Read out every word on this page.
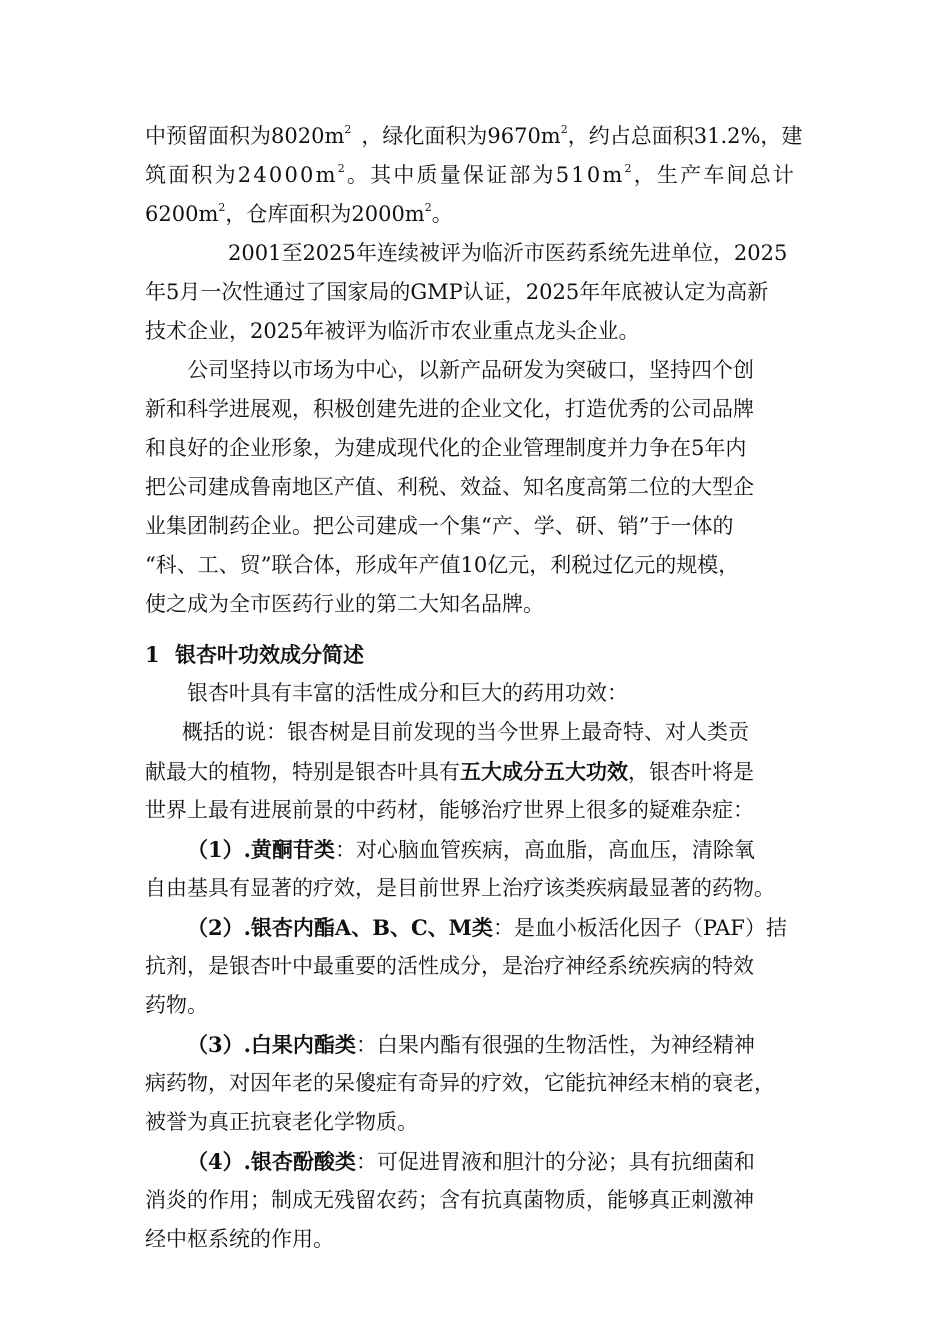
中预留面积为$8020m^2$ ，绿化面积为$9670m^2$，约占总面积31.2%，建
筑面积为$24000m^2$。其中质量保证部为$510m^2$，生产车间总计
$6200m^2$，仓库面积为$2000m^2$。
2001至2025年连续被评为临沂市医药系统先进单位，2025
年5月一次性通过了国家局的GMP认证，2025年年底被认定为高新
技术企业，2025年被评为临沂市农业重点龙头企业。
公司坚持以市场为中心，以新产品研发为突破口，坚持四个创
新和科学进展观，积极创建先进的企业文化，打造优秀的公司品牌
和良好的企业形象，为建成现代化的企业管理制度并力争在5年内
把公司建成鲁南地区产值、利税、效益、知名度高第二位的大型企
业集团制药企业。把公司建成一个集“产、学、研、销”于一体的
“科、工、贸”联合体，形成年产值10亿元，利税过亿元的规模，
使之成为全市医药行业的第二大知名品牌。
1 银杏叶功效成分简述
银杏叶具有丰富的活性成分和巨大的药用功效：
概括的说：银杏树是目前发现的当今世界上最奇特、对人类贡
献最大的植物，特别是银杏叶具有五大成分五大功效，银杏叶将是
世界上最有进展前景的中药材，能够治疗世界上很多的疑难杂症：
（1）.黄酮苷类：对心脑血管疾病，高血脂，高血压，清除氧
自由基具有显著的疗效，是目前世界上治疗该类疾病最显著的药物。
（2）.银杏内酯A、B、C、M类：是血小板活化因子（PAF）拮
抗剂，是银杏叶中最重要的活性成分，是治疗神经系统疾病的特效
药物。
（3）.白果内酯类：白果内酯有很强的生物活性，为神经精神
病药物，对因年老的呆傻症有奇异的疗效，它能抗神经末梢的衰老，
被誉为真正抗衰老化学物质。
（4）.银杏酚酸类：可促进胃液和胆汁的分泌；具有抗细菌和
消炎的作用；制成无残留农药；含有抗真菌物质，能够真正刺激神
经中枢系统的作用。
